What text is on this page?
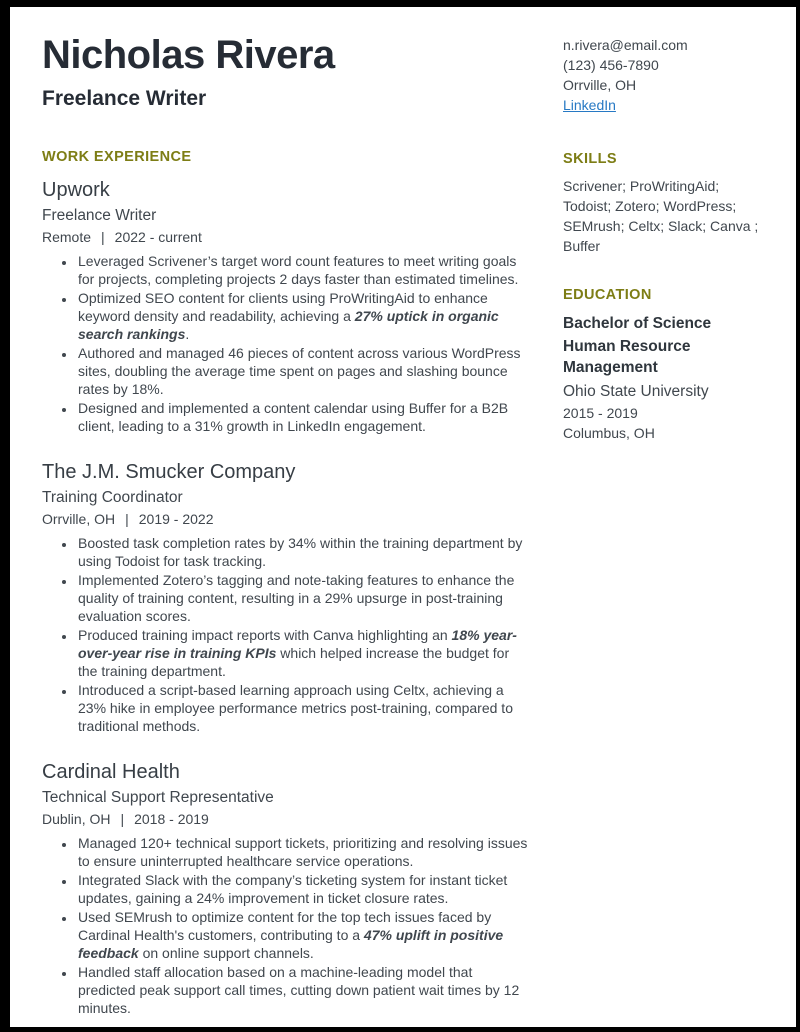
Nicholas Rivera
Freelance Writer
WORK EXPERIENCE
Upwork
Freelance Writer
Remote | 2022 - current
• Leveraged Scrivener’s target word count features to meet writing goals for projects, completing projects 2 days faster than estimated timelines.
• Optimized SEO content for clients using ProWritingAid to enhance keyword density and readability, achieving a 27% uptick in organic search rankings.
• Authored and managed 46 pieces of content across various WordPress sites, doubling the average time spent on pages and slashing bounce rates by 18%.
• Designed and implemented a content calendar using Buffer for a B2B client, leading to a 31% growth in LinkedIn engagement.
The J.M. Smucker Company
Training Coordinator
Orrville, OH | 2019 - 2022
• Boosted task completion rates by 34% within the training department by using Todoist for task tracking.
• Implemented Zotero’s tagging and note-taking features to enhance the quality of training content, resulting in a 29% upsurge in post-training evaluation scores.
• Produced training impact reports with Canva highlighting an 18% year-over-year rise in training KPIs which helped increase the budget for the training department.
• Introduced a script-based learning approach using Celtx, achieving a 23% hike in employee performance metrics post-training, compared to traditional methods.
Cardinal Health
Technical Support Representative
Dublin, OH | 2018 - 2019
• Managed 120+ technical support tickets, prioritizing and resolving issues to ensure uninterrupted healthcare service operations.
• Integrated Slack with the company’s ticketing system for instant ticket updates, gaining a 24% improvement in ticket closure rates.
• Used SEMrush to optimize content for the top tech issues faced by Cardinal Health's customers, contributing to a 47% uplift in positive feedback on online support channels.
• Handled staff allocation based on a machine-leading model that predicted peak support call times, cutting down patient wait times by 12 minutes.
n.rivera@email.com
(123) 456-7890
Orrville, OH
LinkedIn
SKILLS
Scrivener; ProWritingAid; Todoist; Zotero; WordPress; SEMrush; Celtx; Slack; Canva ; Buffer
EDUCATION
Bachelor of Science
Human Resource Management
Ohio State University
2015 - 2019
Columbus, OH
